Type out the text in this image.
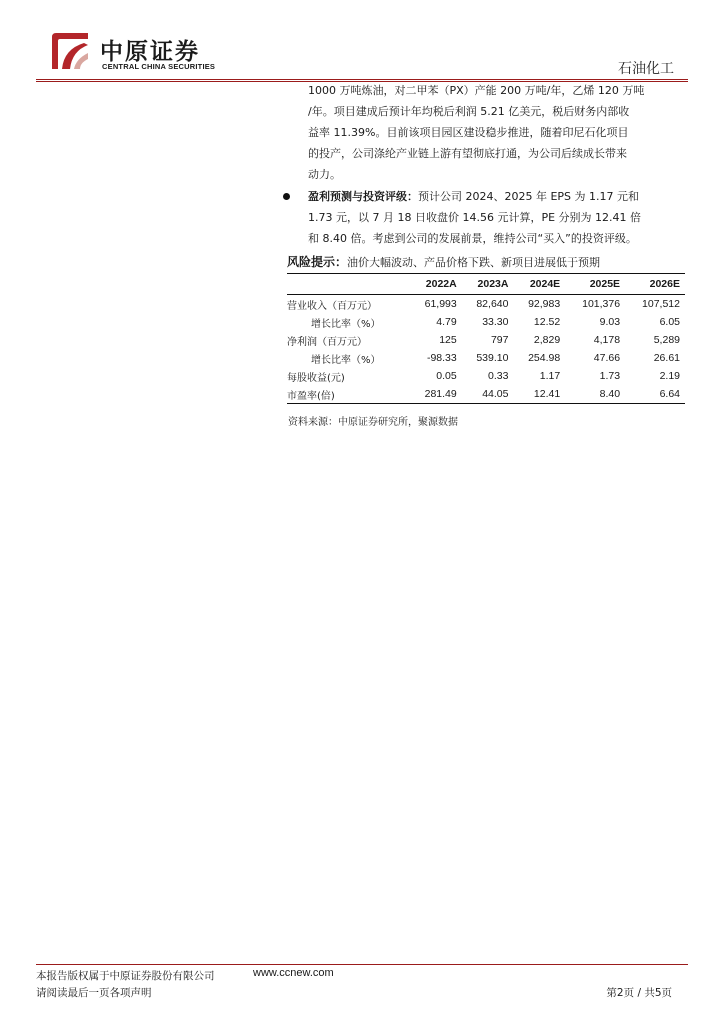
中原证券
CENTRAL CHINA SECURITIES	石油化工

1000 万吨炼油，对二甲苯（PX）产能 200 万吨/年，乙烯 120 万吨
/年。项目建成后预计年均税后利润 5.21 亿美元，税后财务内部收
益率 11.39%。目前该项目园区建设稳步推进，随着印尼石化项目
的投产，公司涤纶产业链上游有望彻底打通，为公司后续成长带来
动力。

盈利预测与投资评级：预计公司 2024、2025 年 EPS 为 1.17 元和
1.73 元，以 7 月 18 日收盘价 14.56 元计算，PE 分别为 12.41 倍
和 8.40 倍。考虑到公司的发展前景，维持公司“买入”的投资评级。

风险提示：油价大幅波动、产品价格下跌、新项目进展低于预期
	2022A	2023A	2024E	2025E	2026E
营业收入（百万元）	61,993	82,640	92,983	101,376	107,512
增长比率（%）	4.79	33.30	12.52	9.03	6.05
净利润（百万元）	125	797	2,829	4,178	5,289
增长比率（%）	-98.33	539.10	254.98	47.66	26.61
每股收益(元)	0.05	0.33	1.17	1.73	2.19
市盈率(倍)	281.49	44.05	12.41	8.40	6.64
资料来源：中原证券研究所，聚源数据
本报告版权属于中原证券股份有限公司	www.ccnew.com
请阅读最后一页各项声明	第2页 / 共5页
